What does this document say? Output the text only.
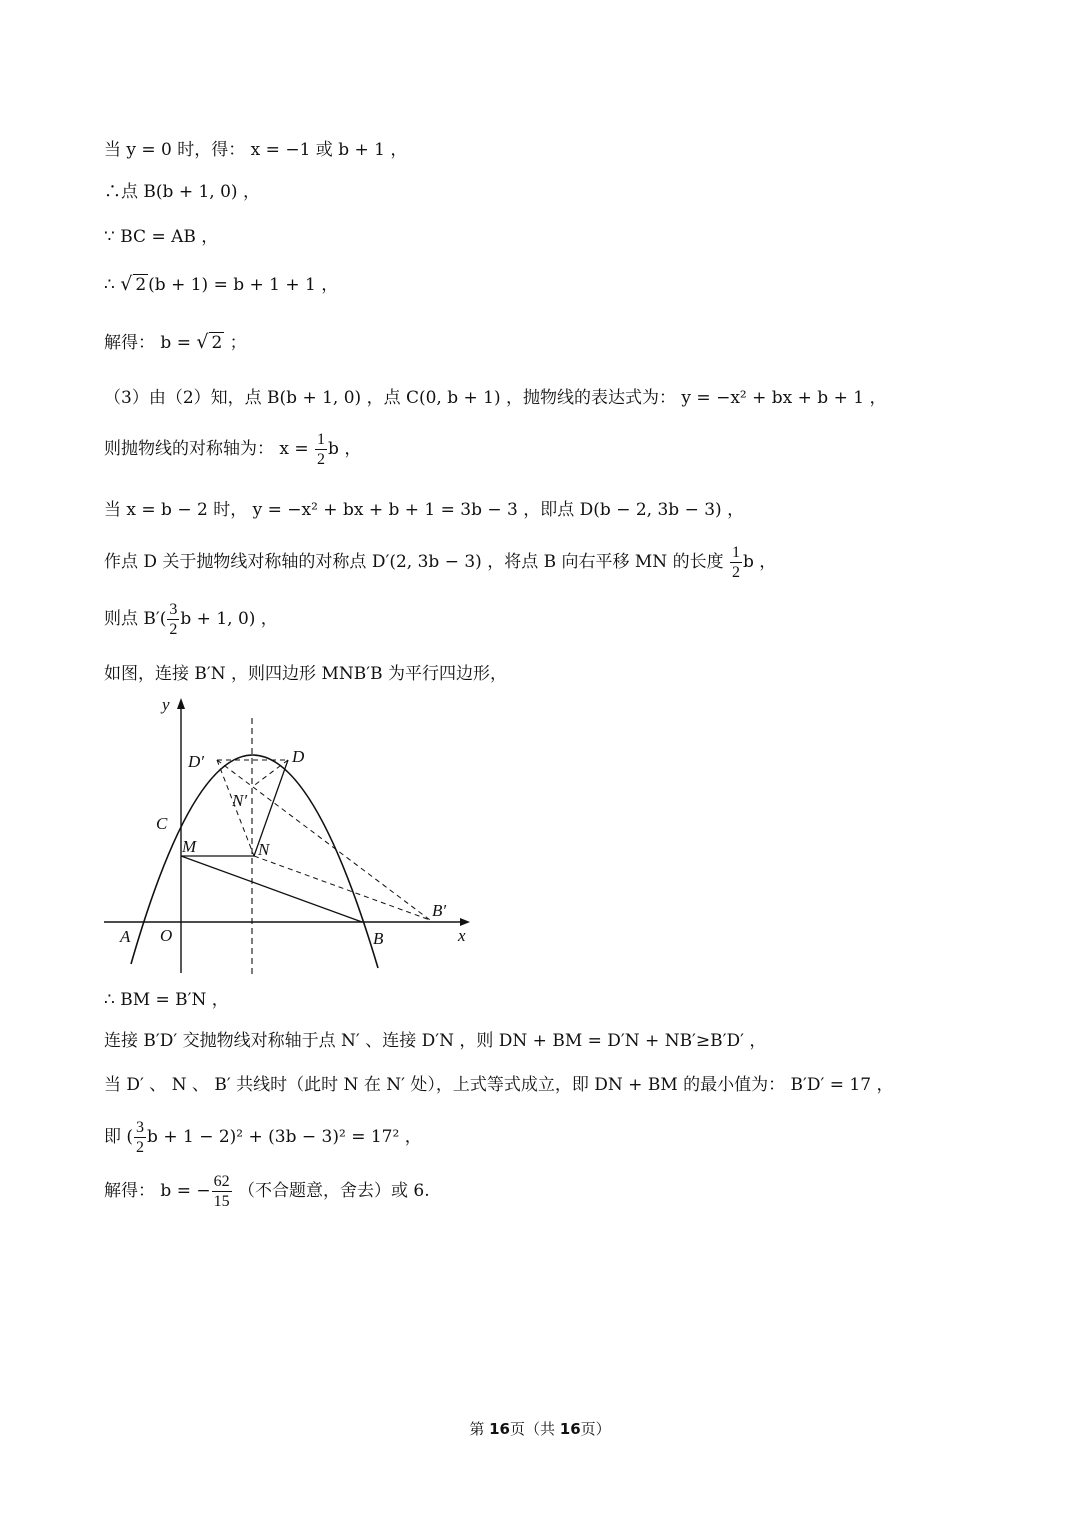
当 y = 0 时，得： x = −1 或 b + 1 ，
∴点 B(b + 1, 0) ，
∵ BC = AB ，
∴ √ 2 (b + 1) = b + 1 + 1 ，
解得： b = √ 2 ；
（3）由（2）知，点 B(b + 1, 0) ，点 C(0, b + 1) ，抛物线的表达式为： y = −x² + bx + b + 1 ，
则抛物线的对称轴为： $x = \frac{1}{2}$ b ，
当 x = b − 2 时， y = −x² + bx + b + 1 = 3b − 3 ，即点 D(b − 2, 3b − 3) ，
作点 D 关于抛物线对称轴的对称点 D′(2, 3b − 3) ，将点 B 向右平移 MN 的长度 $\frac{1}{2}$ b ，
则点 $B'( \frac{3}{2}$ b + 1, 0) ，
如图，连接 B′N ，则四边形 MNB′B 为平行四边形，
y
x
A O	B
C
M	N
D
D′
N′
B′
∴ BM = B′N ，
连接 B′D′ 交抛物线对称轴于点 N′ 、连接 D′N ，则 DN + BM = D′N + NB′≥B′D′ ，
当 D′ 、 N 、 B′ 共线时（此时 N 在 N′ 处），上式等式成立，即 DN + BM 的最小值为： B′D′ = 17 ，
即 ( $\frac{3}{2}$ b + 1 − 2)² + (3b − 3)² = 17² ，
解得： b = − $\frac{62}{15}$ （不合题意，舍去）或 6.
第 16页（共 16页）
